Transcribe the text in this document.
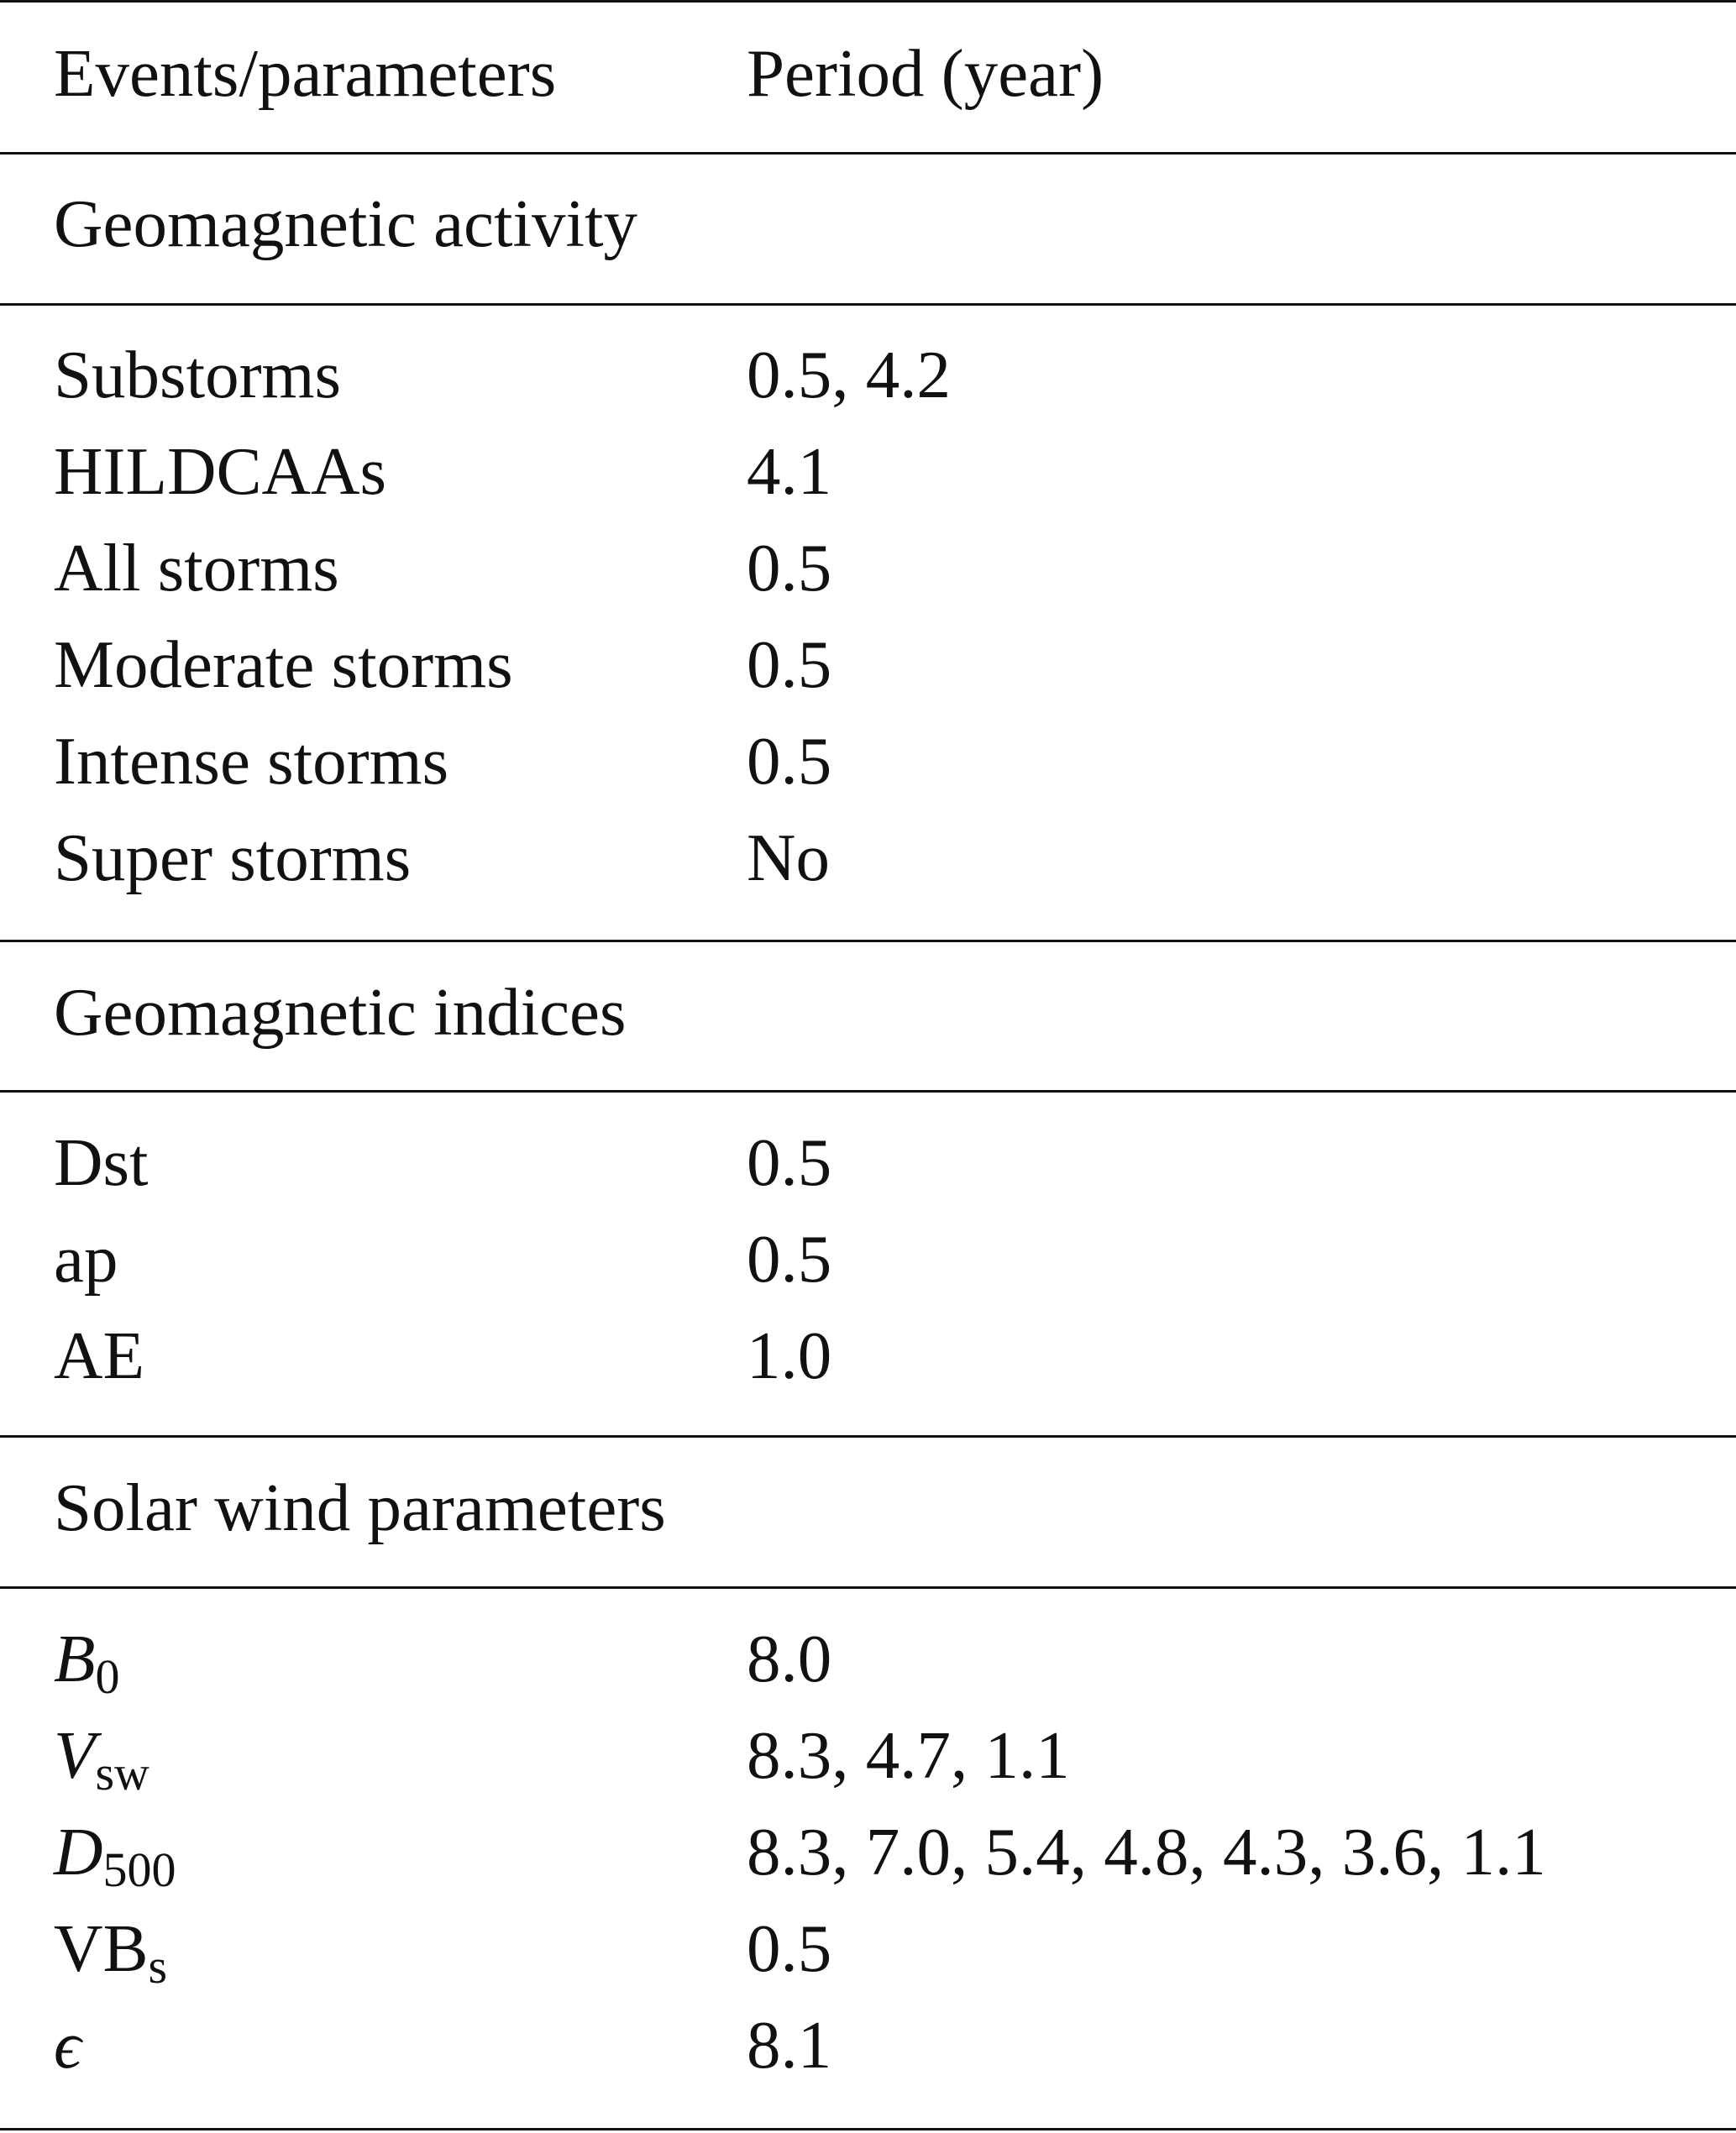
Events/parameters	Period (year)
Geomagnetic activity
Substorms	0.5, 4.2
HILDCAAs	4.1
All storms	0.5
Moderate storms	0.5
Intense storms	0.5
Super storms	No
Geomagnetic indices
Dst	0.5
ap	0.5
AE	1.0
Solar wind parameters
$B_0$	8.0
$V_{sw}$	8.3, 4.7, 1.1
$D_{500}$	8.3, 7.0, 5.4, 4.8, 4.3, 3.6, 1.1
$VB_s$	0.5
ϵ	8.1
